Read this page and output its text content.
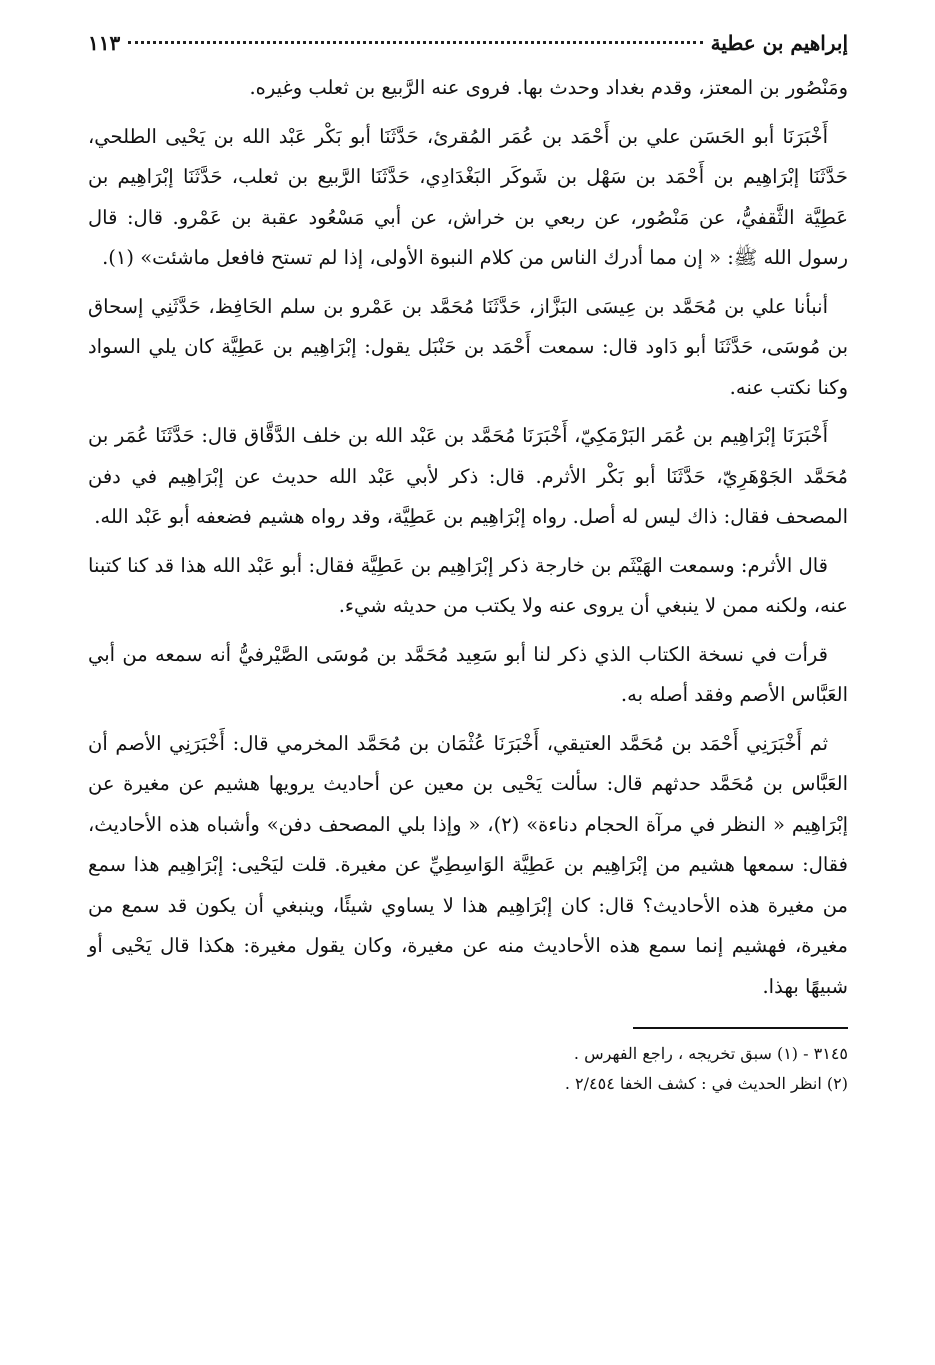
إبراهيم بن عطية
١١٣

ومَنْصُور بن المعتز، وقدم بغداد وحدث بها. فروى عنه الرَّبيع بن ثعلب وغيره.

أَخْبَرَنَا أبو الحَسَن علي بن أَحْمَد بن عُمَر المُقرئ، حَدَّثَنَا أبو بَكْر عَبْد الله بن يَحْيى الطلحي، حَدَّثَنَا إبْرَاهِيم بن أَحْمَد بن سَهْل بن شَوكَر البَغْدَادِي، حَدَّثَنَا الرَّبيع بن ثعلب، حَدَّثَنَا إبْرَاهِيم بن عَطِيَّة الثَّقفيُّ، عن مَنْصُور، عن ربعي بن خراش، عن أبي مَسْعُود عقبة بن عَمْرو. قال: قال رسول الله ﷺ: « إن مما أدرك الناس من كلام النبوة الأولى، إذا لم تستح فافعل ماشئت» (١).

أنبأنا علي بن مُحَمَّد بن عِيسَى البَزَّاز، حَدَّثَنَا مُحَمَّد بن عَمْرو بن سلم الحَافِظ، حَدَّثَنِي إسحاق بن مُوسَى، حَدَّثَنَا أبو دَاود قال: سمعت أَحْمَد بن حَنْبَل يقول: إبْرَاهِيم بن عَطِيَّة كان يلي السواد وكنا نكتب عنه.

أَخْبَرَنَا إبْرَاهِيم بن عُمَر البَرْمَكِيّ، أَخْبَرَنَا مُحَمَّد بن عَبْد الله بن خلف الدَّقَّاق قال: حَدَّثَنَا عُمَر بن مُحَمَّد الجَوْهَرِيّ، حَدَّثَنَا أبو بَكْر الأثرم. قال: ذكر لأبي عَبْد الله حديث عن إبْرَاهِيم في دفن المصحف فقال: ذاك ليس له أصل. رواه إبْرَاهِيم بن عَطِيَّة، وقد رواه هشيم فضعفه أبو عَبْد الله.

قال الأثرم: وسمعت الهَيْثَم بن خارجة ذكر إبْرَاهِيم بن عَطِيَّة فقال: أبو عَبْد الله هذا قد كنا كتبنا عنه، ولكنه ممن لا ينبغي أن يروى عنه ولا يكتب من حديثه شيء.

قرأت في نسخة الكتاب الذي ذكر لنا أبو سَعِيد مُحَمَّد بن مُوسَى الصَّيْرفيُّ أنه سمعه من أبي العَبَّاس الأصم وفقد أصله به.

ثم أَخْبَرَنِي أَحْمَد بن مُحَمَّد العتيقي، أَخْبَرَنَا عُثْمَان بن مُحَمَّد المخرمي قال: أَخْبَرَنِي الأصم أن العَبَّاس بن مُحَمَّد حدثهم قال: سألت يَحْيى بن معين عن أحاديث يرويها هشيم عن مغيرة عن إبْرَاهِيم « النظر في مرآة الحجام دناءة» (٢)، « وإذا بلي المصحف دفن» وأشباه هذه الأحاديث، فقال: سمعها هشيم من إبْرَاهِيم بن عَطِيَّة الوَاسِطِيِّ عن مغيرة. قلت ليَحْيى: إبْرَاهِيم هذا سمع من مغيرة هذه الأحاديث؟ قال: كان إبْرَاهِيم هذا لا يساوي شيئًا، وينبغي أن يكون قد سمع من مغيرة، فهشيم إنما سمع هذه الأحاديث منه عن مغيرة، وكان يقول مغيرة: هكذا قال يَحْيى أو شبيهًا بهذا.

٣١٤٥ - (١) سبق تخريجه ، راجع الفهرس .

(٢) انظر الحديث في : كشف الخفا ٢/٤٥٤ .
